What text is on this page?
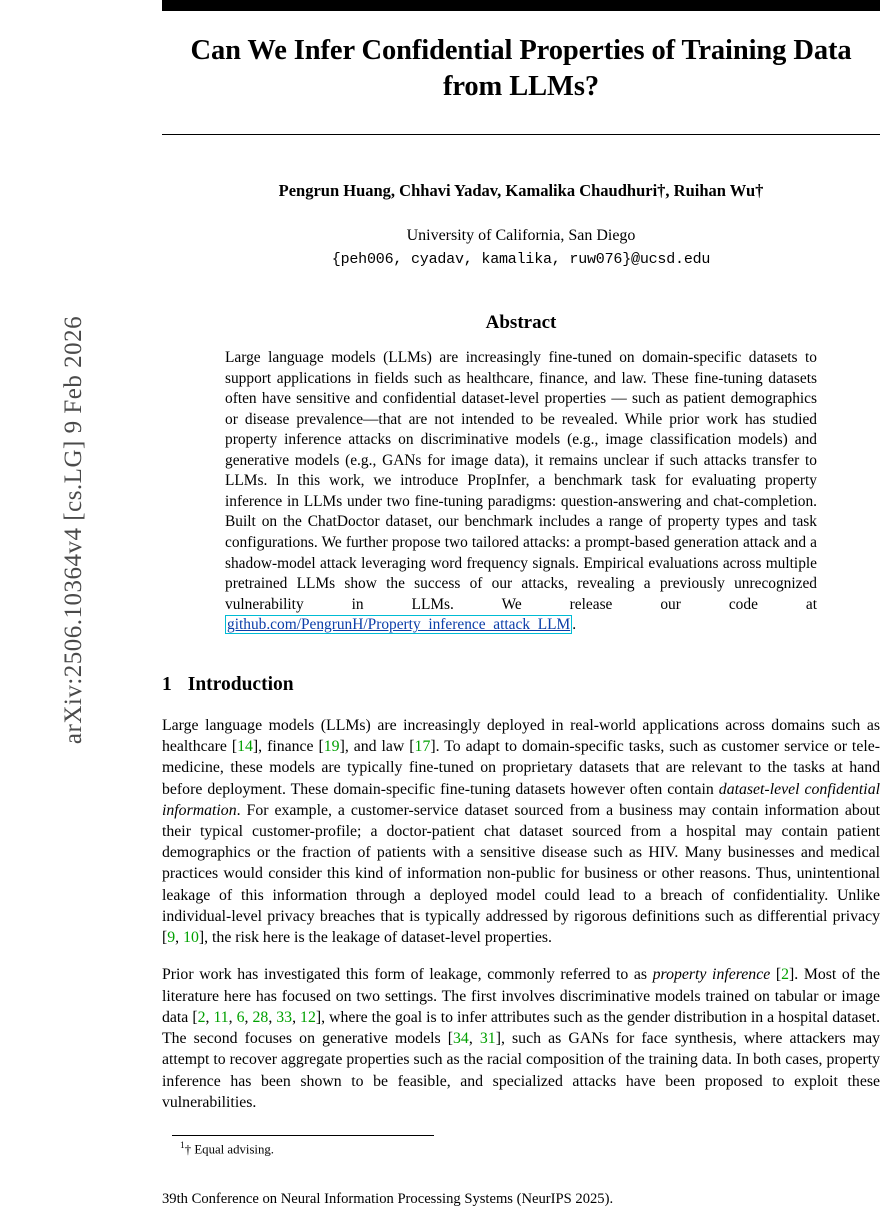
arXiv:2506.10364v4 [cs.LG] 9 Feb 2026
Can We Infer Confidential Properties of Training Data from LLMs?
Pengrun Huang, Chhavi Yadav, Kamalika Chaudhuri†, Ruihan Wu†
University of California, San Diego
{peh006, cyadav, kamalika, ruw076}@ucsd.edu
Abstract
Large language models (LLMs) are increasingly fine-tuned on domain-specific datasets to support applications in fields such as healthcare, finance, and law. These fine-tuning datasets often have sensitive and confidential dataset-level properties — such as patient demographics or disease prevalence—that are not intended to be revealed. While prior work has studied property inference attacks on discriminative models (e.g., image classification models) and generative models (e.g., GANs for image data), it remains unclear if such attacks transfer to LLMs. In this work, we introduce PropInfer, a benchmark task for evaluating property inference in LLMs under two fine-tuning paradigms: question-answering and chat-completion. Built on the ChatDoctor dataset, our benchmark includes a range of property types and task configurations. We further propose two tailored attacks: a prompt-based generation attack and a shadow-model attack leveraging word frequency signals. Empirical evaluations across multiple pretrained LLMs show the success of our attacks, revealing a previously unrecognized vulnerability in LLMs. We release our code at github.com/PengrunH/Property_inference_attack_LLM .
1 Introduction
Large language models (LLMs) are increasingly deployed in real-world applications across domains such as healthcare [14], finance [19], and law [17]. To adapt to domain-specific tasks, such as customer service or tele-medicine, these models are typically fine-tuned on proprietary datasets that are relevant to the tasks at hand before deployment. These domain-specific fine-tuning datasets however often contain dataset-level confidential information. For example, a customer-service dataset sourced from a business may contain information about their typical customer-profile; a doctor-patient chat dataset sourced from a hospital may contain patient demographics or the fraction of patients with a sensitive disease such as HIV. Many businesses and medical practices would consider this kind of information non-public for business or other reasons. Thus, unintentional leakage of this information through a deployed model could lead to a breach of confidentiality. Unlike individual-level privacy breaches that is typically addressed by rigorous definitions such as differential privacy [9, 10], the risk here is the leakage of dataset-level properties.
Prior work has investigated this form of leakage, commonly referred to as property inference [2]. Most of the literature here has focused on two settings. The first involves discriminative models trained on tabular or image data [2, 11, 6, 28, 33, 12], where the goal is to infer attributes such as the gender distribution in a hospital dataset. The second focuses on generative models [34, 31], such as GANs for face synthesis, where attackers may attempt to recover aggregate properties such as the racial composition of the training data. In both cases, property inference has been shown to be feasible, and specialized attacks have been proposed to exploit these vulnerabilities.
$^1$† Equal advising.
39th Conference on Neural Information Processing Systems (NeurIPS 2025).
